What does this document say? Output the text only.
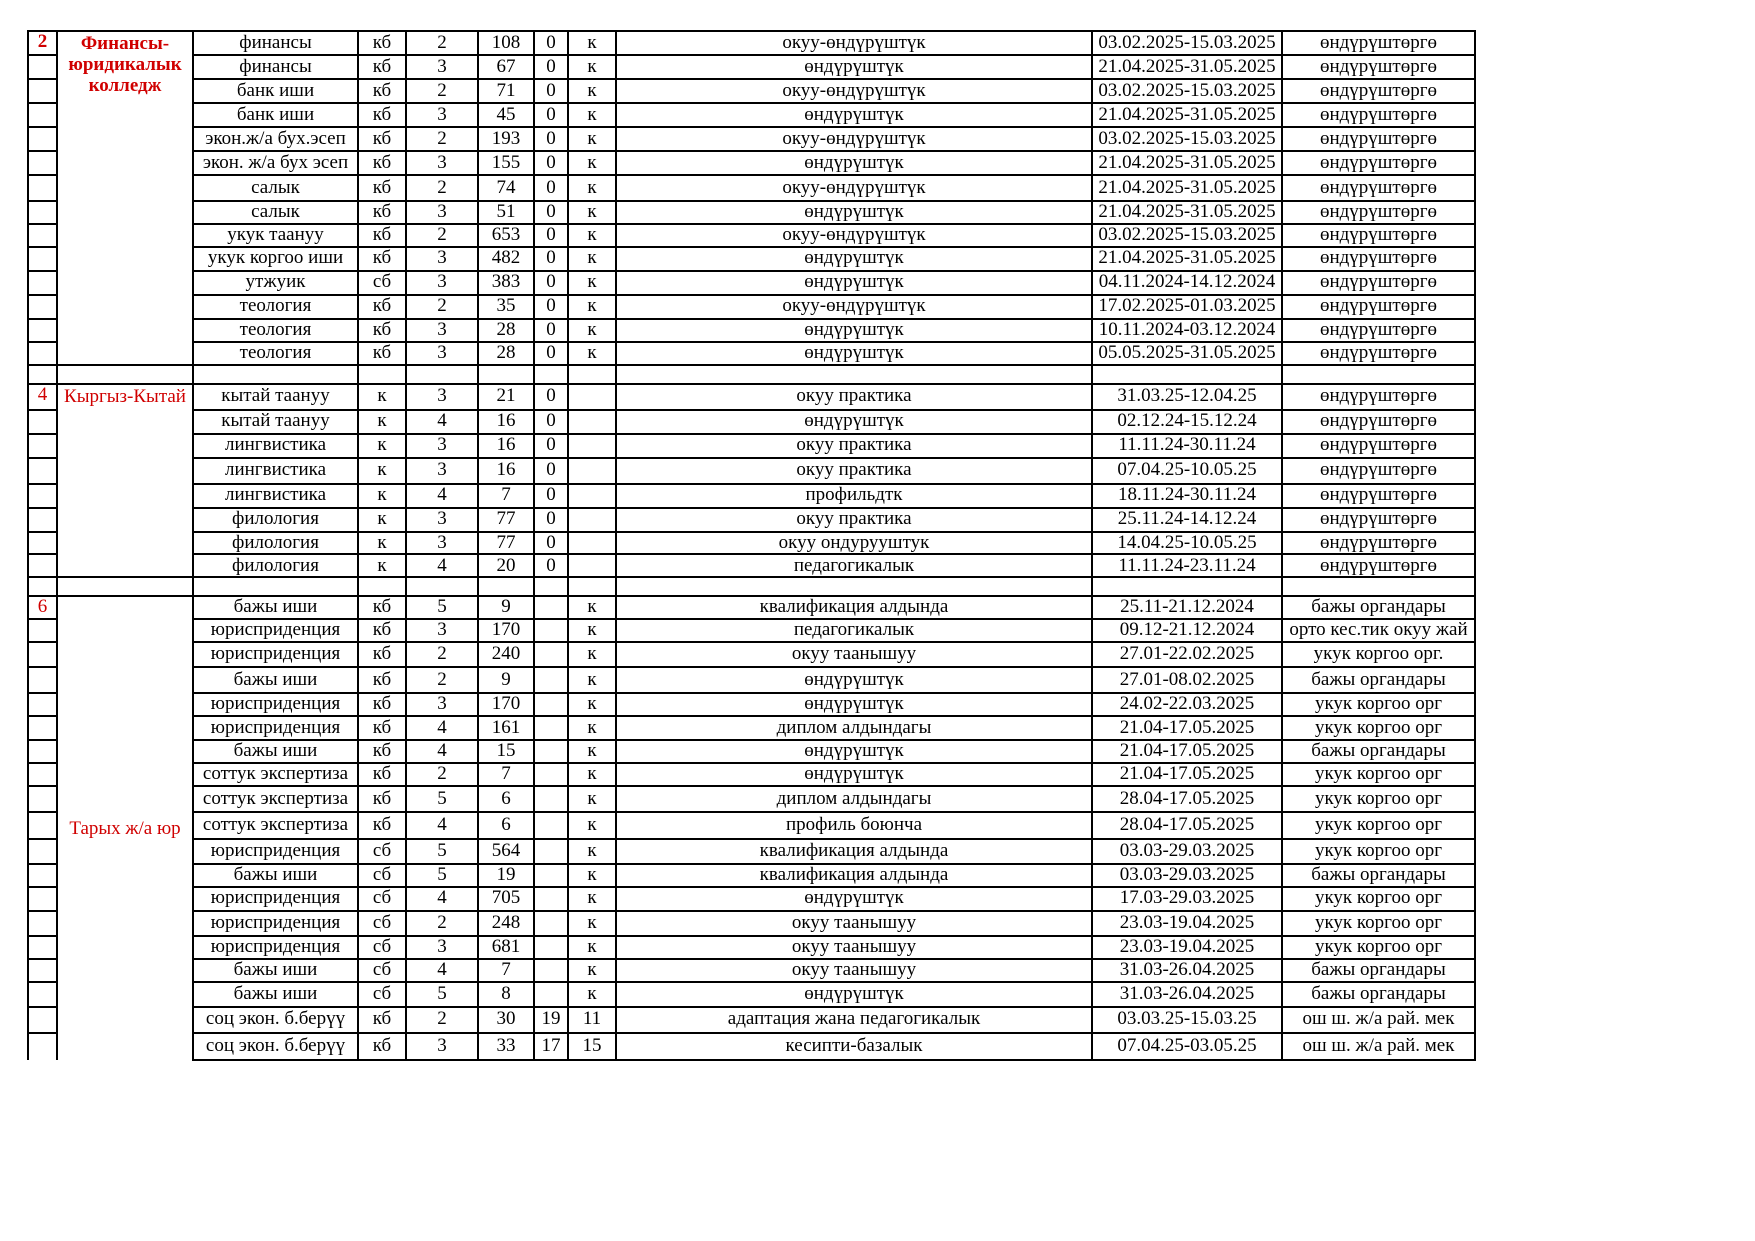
2	Финансы-юридикалык колледж	финансы	кб	2	108	0	к	окуу-өндүрүштүк	03.02.2025-15.03.2025	өндүрүштөргө
		финансы	кб	3	67	0	к	өндүрүштүк	21.04.2025-31.05.2025	өндүрүштөргө
		банк иши	кб	2	71	0	к	окуу-өндүрүштүк	03.02.2025-15.03.2025	өндүрүштөргө
		банк иши	кб	3	45	0	к	өндүрүштүк	21.04.2025-31.05.2025	өндүрүштөргө
		экон.ж/а бух.эсеп	кб	2	193	0	к	окуу-өндүрүштүк	03.02.2025-15.03.2025	өндүрүштөргө
		экон. ж/а бух эсеп	кб	3	155	0	к	өндүрүштүк	21.04.2025-31.05.2025	өндүрүштөргө
		салык	кб	2	74	0	к	окуу-өндүрүштүк	21.04.2025-31.05.2025	өндүрүштөргө
		салык	кб	3	51	0	к	өндүрүштүк	21.04.2025-31.05.2025	өндүрүштөргө
		укук таануу	кб	2	653	0	к	окуу-өндүрүштүк	03.02.2025-15.03.2025	өндүрүштөргө
		укук коргоо иши	кб	3	482	0	к	өндүрүштүк	21.04.2025-31.05.2025	өндүрүштөргө
		утжуик	сб	3	383	0	к	өндүрүштүк	04.11.2024-14.12.2024	өндүрүштөргө
		теология	кб	2	35	0	к	окуу-өндүрүштүк	17.02.2025-01.03.2025	өндүрүштөргө
		теология	кб	3	28	0	к	өндүрүштүк	10.11.2024-03.12.2024	өндүрүштөргө
		теология	кб	3	28	0	к	өндүрүштүк	05.05.2025-31.05.2025	өндүрүштөргө

4	Кыргыз-Кытай	кытай таануу	к	3	21	0		окуу практика	31.03.25-12.04.25	өндүрүштөргө
		кытай таануу	к	4	16	0		өндүрүштүк	02.12.24-15.12.24	өндүрүштөргө
		лингвистика	к	3	16	0		окуу практика	11.11.24-30.11.24	өндүрүштөргө
		лингвистика	к	3	16	0		окуу практика	07.04.25-10.05.25	өндүрүштөргө
		лингвистика	к	4	7	0		профильдтк	18.11.24-30.11.24	өндүрүштөргө
		филология	к	3	77	0		окуу практика	25.11.24-14.12.24	өндүрүштөргө
		филология	к	3	77	0		окуу ондурууштук	14.04.25-10.05.25	өндүрүштөргө
		филология	к	4	20	0		педагогикалык	11.11.24-23.11.24	өндүрүштөргө

6	Тарых ж/а юр	бажы иши	кб	5	9		к	квалификация алдында	25.11-21.12.2024	бажы органдары
		юрисприденция	кб	3	170		к	педагогикалык	09.12-21.12.2024	орто кес.тик окуу жай
		юрисприденция	кб	2	240		к	окуу таанышуу	27.01-22.02.2025	укук коргоо орг.
		бажы иши	кб	2	9		к	өндүрүштүк	27.01-08.02.2025	бажы органдары
		юрисприденция	кб	3	170		к	өндүрүштүк	24.02-22.03.2025	укук коргоо орг
		юрисприденция	кб	4	161		к	диплом алдындагы	21.04-17.05.2025	укук коргоо орг
		бажы иши	кб	4	15		к	өндүрүштүк	21.04-17.05.2025	бажы органдары
		соттук экспертиза	кб	2	7		к	өндүрүштүк	21.04-17.05.2025	укук коргоо орг
		соттук экспертиза	кб	5	6		к	диплом алдындагы	28.04-17.05.2025	укук коргоо орг
		соттук экспертиза	кб	4	6		к	профиль боюнча	28.04-17.05.2025	укук коргоо орг
		юрисприденция	сб	5	564		к	квалификация алдында	03.03-29.03.2025	укук коргоо орг
		бажы иши	сб	5	19		к	квалификация алдында	03.03-29.03.2025	бажы органдары
		юрисприденция	сб	4	705		к	өндүрүштүк	17.03-29.03.2025	укук коргоо орг
		юрисприденция	сб	2	248		к	окуу таанышуу	23.03-19.04.2025	укук коргоо орг
		юрисприденция	сб	3	681		к	окуу таанышуу	23.03-19.04.2025	укук коргоо орг
		бажы иши	сб	4	7		к	окуу таанышуу	31.03-26.04.2025	бажы органдары
		бажы иши	сб	5	8		к	өндүрүштүк	31.03-26.04.2025	бажы органдары
		соц экон. б.берүү	кб	2	30	19	11	адаптация жана педагогикалык	03.03.25-15.03.25	ош ш. ж/а рай. мек
		соц экон. б.берүү	кб	3	33	17	15	кесипти-базалык	07.04.25-03.05.25	ош ш. ж/а рай. мек
